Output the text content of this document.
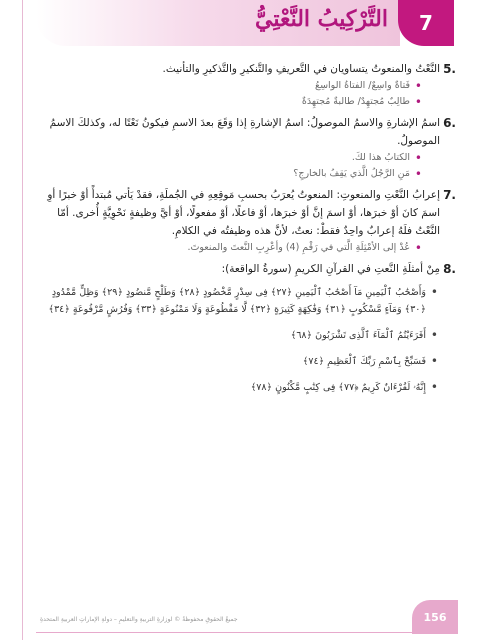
التَّرْكِيبُ النَّعْتِيُّ 7
5.

النَّعْتُ والمنعوتُ يتساويان في التَّعريفِ والتَّنكيرِ والتَّذكيرِ والتأنيث.

• فَتاةٌ واسِعٌ/ الفتاةُ الواسِعُ
• طالِبٌ مُجتهِدٌ/ طالبةٌ مُجتهِدَةٌ
6.

اسمُ الإشارةِ والاسمُ الموصولُ: اسمُ الإشارةِ إذا وَقَعَ بعدَ الاسمِ فيكونُ نَعْتًا له، وكذلكَ الاسمُ الموصولُ.

• الكتابُ هذا لكَ.
• مَنِ الرَّجُلُ الَّذي يَقِفُ بالخارجِ؟
7.

إعرابُ النَّعْتِ والمنعوتِ: المنعوتُ يُعرَبُ بحسبِ مَوقِعِهِ في الجُملَةِ، فقدْ يَأتي مُبتدأً أوْ خبرًا أوِ اسمَ كانَ أوْ خبرَها، أوْ اسمَ إنَّ أوْ خبرَها، أوْ فاعلًا، أوْ مفعولًا، أوْ أيَّ وظيفةٍ نَحْوِيَّةٍ أُخرى. أمّا النَّعْتُ فلَهُ إعرابٌ واحِدٌ فقطْ: نعتٌ، لأنَّ هذه وظيفتُه في الكلامِ.

• عُدْ إلى الأمْثِلَةِ الَّتي في رَقْمِ (4) وأعْرِبِ النَّعتَ والمنعوتَ.
8.

مِنْ أمثلَةِ النَّعتِ في القرآنِ الكريمِ (سورةُ الواقعة):

• وَأَصْحَٰبُ ٱلْيَمِينِ مَآ أَصْحَٰبُ ٱلْيَمِينِ ﴿٢٧﴾ فِى سِدْرٍ مَّخْضُودٍ ﴿٢٨﴾ وَطَلْحٍ مَّنضُودٍ ﴿٢٩﴾ وَظِلٍّ مَّمْدُودٍ ﴿٣٠﴾ وَمَآءٍ مَّسْكُوبٍ ﴿٣١﴾ وَفَٰكِهَةٍ كَثِيرَةٍ ﴿٣٢﴾ لَّا مَقْطُوعَةٍ وَلَا مَمْنُوعَةٍ ﴿٣٣﴾ وَفُرُشٍ مَّرْفُوعَةٍ ﴿٣٤﴾
• أَفَرَءَيْتُمُ ٱلْمَآءَ ٱلَّذِى تَشْرَبُونَ ﴿٦٨﴾
• فَسَبِّحْ بِٱسْمِ رَبِّكَ ٱلْعَظِيمِ ﴿٧٤﴾
• إِنَّهُۥ لَقُرْءَانٌ كَرِيمٌ ﴿٧٧﴾ فِى كِتَٰبٍ مَّكْنُونٍ ﴿٧٨﴾
جميعُ الحقوقِ محفوظةٌ © لوزارةِ التربيةِ والتعليمِ – دولةِ الإماراتِ العربيةِ المتحدةِ	156
